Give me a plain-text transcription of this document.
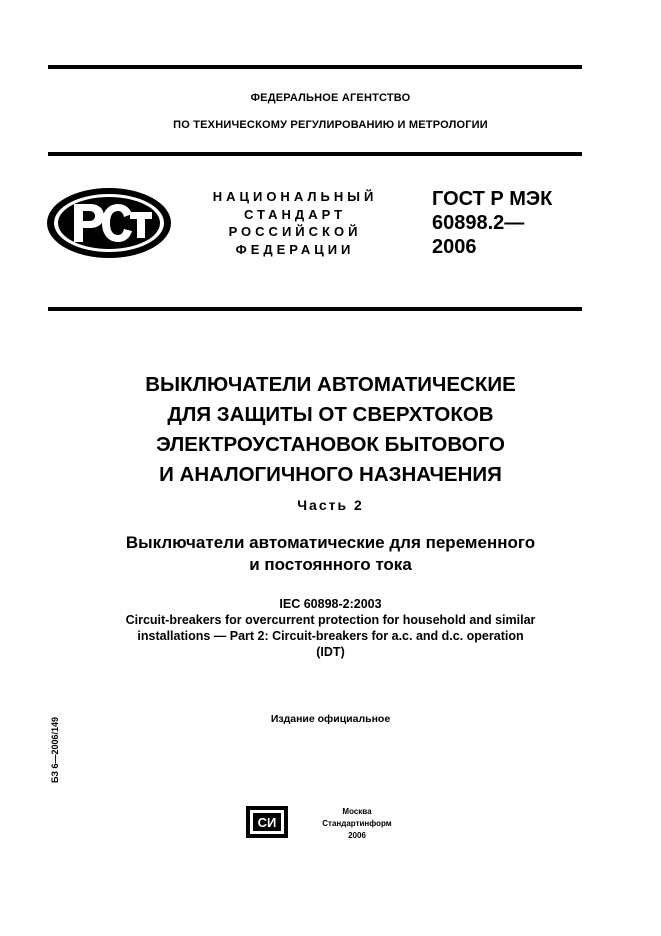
ФЕДЕРАЛЬНОЕ АГЕНТСТВО
ПО ТЕХНИЧЕСКОМУ РЕГУЛИРОВАНИЮ И МЕТРОЛОГИИ
НАЦИОНАЛЬНЫЙ
СТАНДАРТ
РОССИЙСКОЙ
ФЕДЕРАЦИИ
ГОСТ Р МЭК
60898.2—
2006
ВЫКЛЮЧАТЕЛИ АВТОМАТИЧЕСКИЕ
ДЛЯ ЗАЩИТЫ ОТ СВЕРХТОКОВ
ЭЛЕКТРОУСТАНОВОК БЫТОВОГО
И АНАЛОГИЧНОГО НАЗНАЧЕНИЯ
Часть 2
Выключатели автоматические для переменного
и постоянного тока
IEC 60898-2:2003
Circuit-breakers for overcurrent protection for household and similar
installations — Part 2: Circuit-breakers for a.c. and d.c. operation
(IDT)
Издание официальное
БЗ 6—2006/149
СИ
Москва
Стандартинформ
2006
